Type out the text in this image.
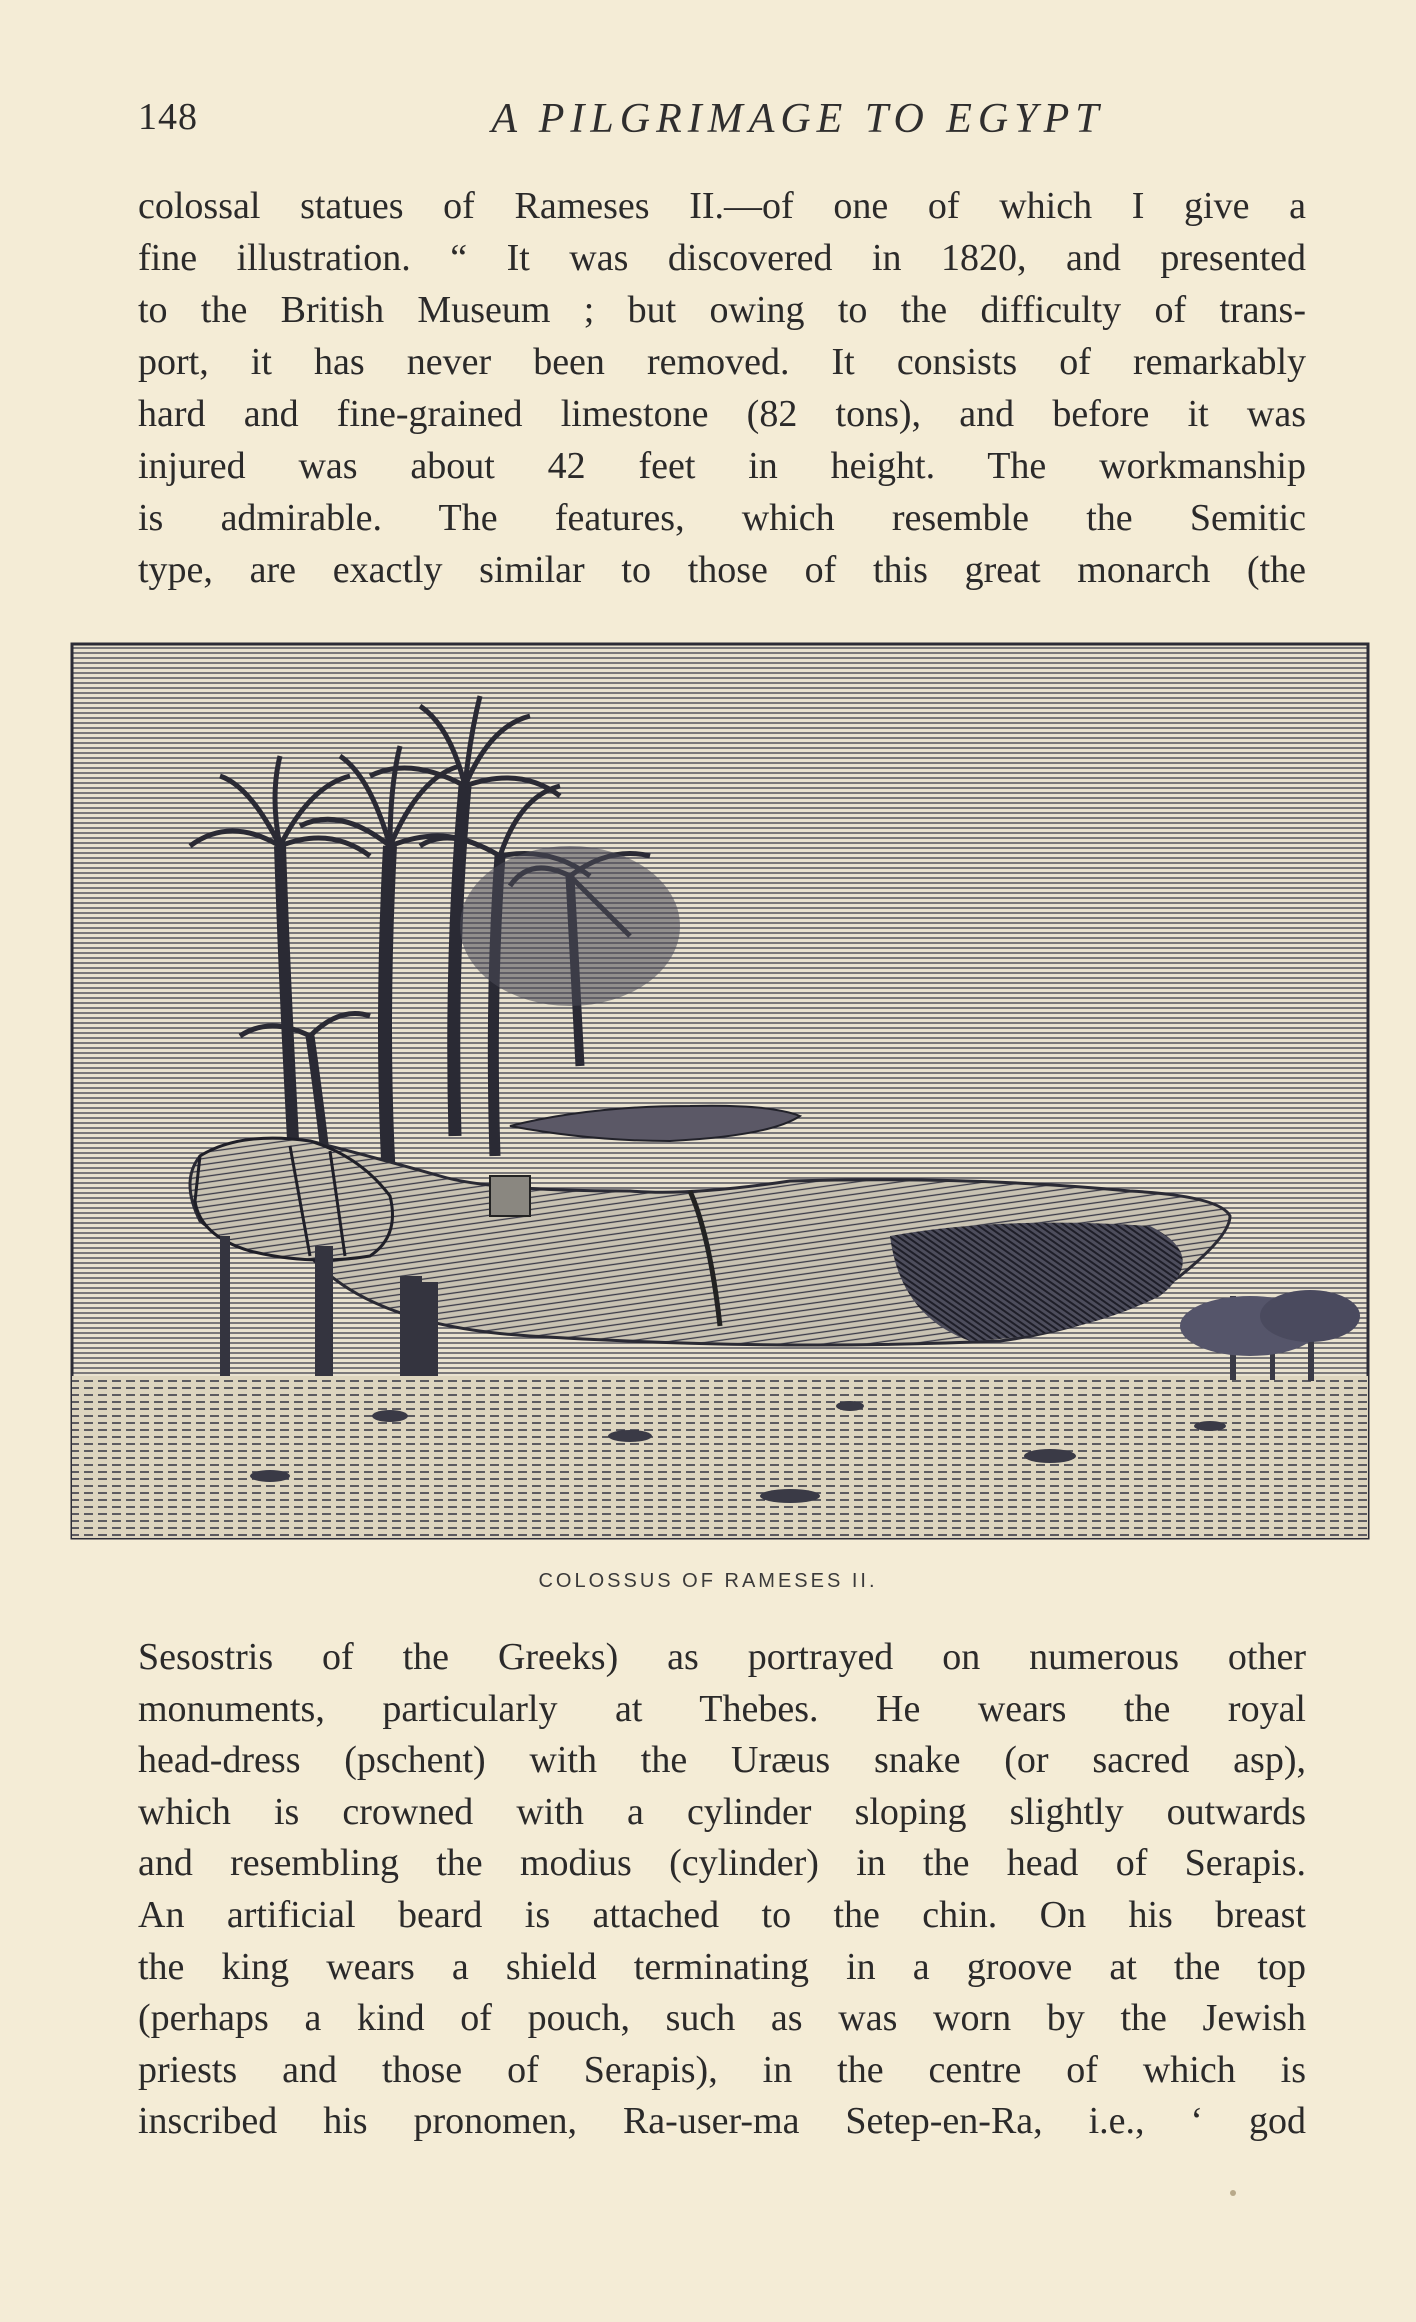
148	A PILGRIMAGE TO EGYPT
colossal statues of Rameses II.—of one of which I give a
fine illustration. “ It was discovered in 1820, and presented
to the British Museum ; but owing to the difficulty of trans-
port, it has never been removed. It consists of remarkably
hard and fine-grained limestone (82 tons), and before it was
injured was about 42 feet in height. The workmanship
is admirable. The features, which resemble the Semitic
type, are exactly similar to those of this great monarch (the
COLOSSUS OF RAMESES II.
Sesostris of the Greeks) as portrayed on numerous other
monuments, particularly at Thebes. He wears the royal
head-dress (pschent) with the Uræus snake (or sacred asp),
which is crowned with a cylinder sloping slightly outwards
and resembling the modius (cylinder) in the head of Serapis.
An artificial beard is attached to the chin. On his breast
the king wears a shield terminating in a groove at the top
(perhaps a kind of pouch, such as was worn by the Jewish
priests and those of Serapis), in the centre of which is
inscribed his pronomen, Ra-user-ma Setep-en-Ra, i.e., ‘ god
